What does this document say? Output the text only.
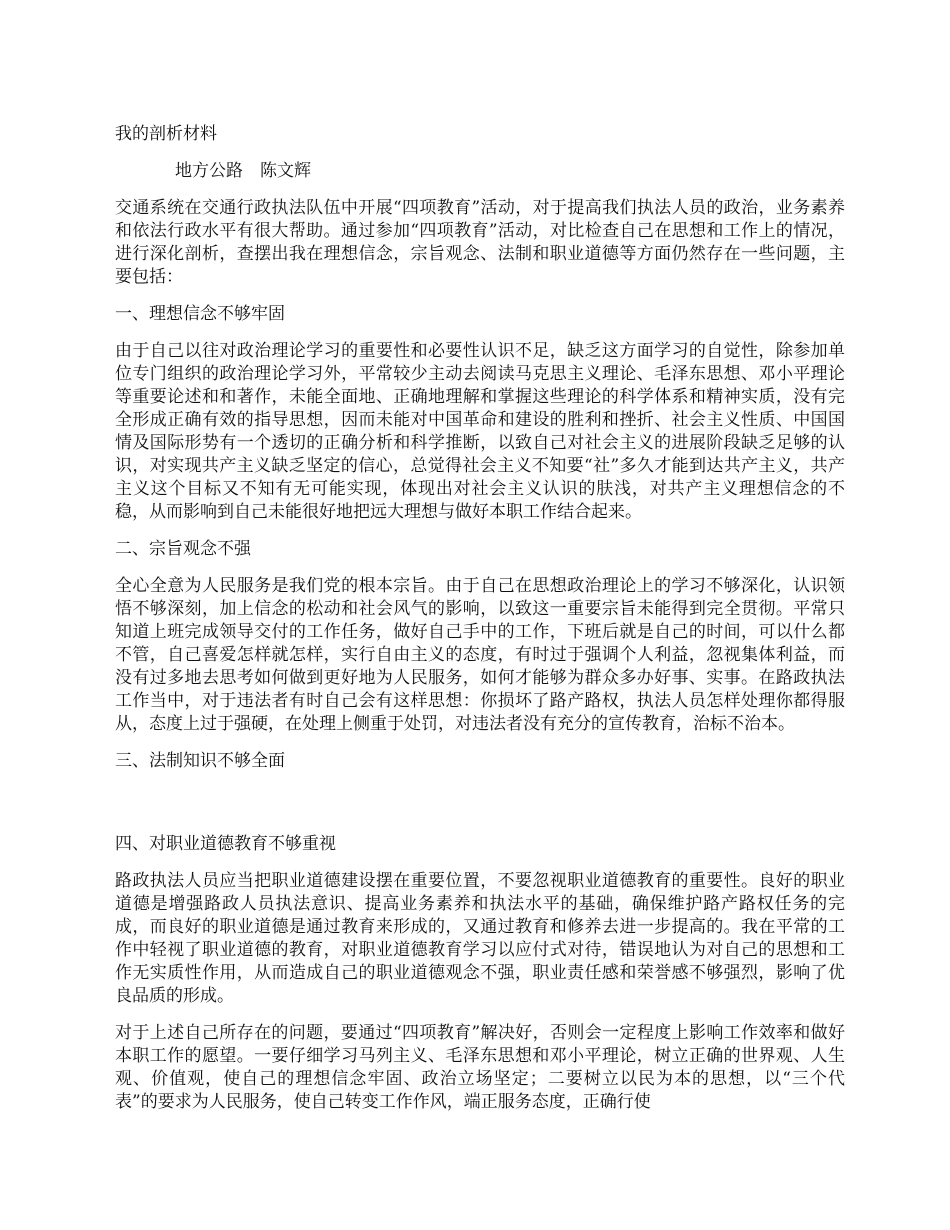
我的剖析材料

地方公路　陈文辉

交通系统在交通行政执法队伍中开展“四项教育”活动，对于提高我们执法人员的政治，业务素养和依法行政水平有很大帮助。通过参加“四项教育”活动，对比检查自己在思想和工作上的情况，进行深化剖析，查摆出我在理想信念，宗旨观念、法制和职业道德等方面仍然存在一些问题，主要包括：

一、理想信念不够牢固

由于自己以往对政治理论学习的重要性和必要性认识不足，缺乏这方面学习的自觉性，除参加单位专门组织的政治理论学习外，平常较少主动去阅读马克思主义理论、毛泽东思想、邓小平理论等重要论述和和著作，未能全面地、正确地理解和掌握这些理论的科学体系和精神实质，没有完全形成正确有效的指导思想，因而未能对中国革命和建设的胜利和挫折、社会主义性质、中国国情及国际形势有一个透切的正确分析和科学推断，以致自己对社会主义的进展阶段缺乏足够的认识，对实现共产主义缺乏坚定的信心，总觉得社会主义不知要“社”多久才能到达共产主义，共产主义这个目标又不知有无可能实现，体现出对社会主义认识的肤浅，对共产主义理想信念的不稳，从而影响到自己未能很好地把远大理想与做好本职工作结合起来。

二、宗旨观念不强

全心全意为人民服务是我们党的根本宗旨。由于自己在思想政治理论上的学习不够深化，认识领悟不够深刻，加上信念的松动和社会风气的影响，以致这一重要宗旨未能得到完全贯彻。平常只知道上班完成领导交付的工作任务，做好自己手中的工作，下班后就是自己的时间，可以什么都不管，自己喜爱怎样就怎样，实行自由主义的态度，有时过于强调个人利益，忽视集体利益，而没有过多地去思考如何做到更好地为人民服务，如何才能够为群众多办好事、实事。在路政执法工作当中，对于违法者有时自己会有这样思想：你损坏了路产路权，执法人员怎样处理你都得服从，态度上过于强硬，在处理上侧重于处罚，对违法者没有充分的宣传教育，治标不治本。

三、法制知识不够全面

四、对职业道德教育不够重视

路政执法人员应当把职业道德建设摆在重要位置，不要忽视职业道德教育的重要性。良好的职业道德是增强路政人员执法意识、提高业务素养和执法水平的基础，确保维护路产路权任务的完成，而良好的职业道德是通过教育来形成的，又通过教育和修养去进一步提高的。我在平常的工作中轻视了职业道德的教育，对职业道德教育学习以应付式对待，错误地认为对自己的思想和工作无实质性作用，从而造成自己的职业道德观念不强，职业责任感和荣誉感不够强烈，影响了优良品质的形成。

对于上述自己所存在的问题，要通过“四项教育”解决好，否则会一定程度上影响工作效率和做好本职工作的愿望。一要仔细学习马列主义、毛泽东思想和邓小平理论，树立正确的世界观、人生观、价值观，使自己的理想信念牢固、政治立场坚定；二要树立以民为本的思想，以“三个代表”的要求为人民服务，使自己转变工作作风，端正服务态度，正确行使
